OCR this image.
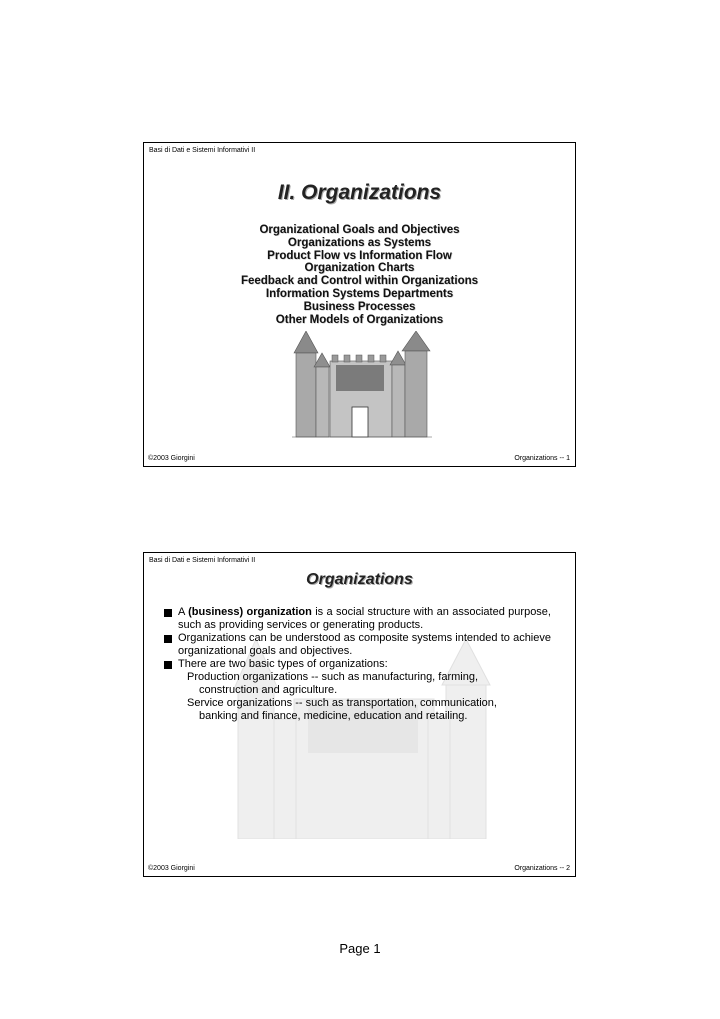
Basi di Dati e Sistemi Informativi II
II. Organizations
Organizational Goals and Objectives
Organizations as Systems
Product Flow vs Information Flow
Organization Charts
Feedback and Control within Organizations
Information Systems Departments
Business Processes
Other Models of Organizations
©2003 Giorgini	Organizations -- 1
Basi di Dati e Sistemi Informativi II
Organizations

A (business) organization is a social structure with an associated purpose, such as providing services or generating products.

Organizations can be understood as composite systems intended to achieve organizational goals and objectives.

There are two basic types of organizations:

Production organizations -- such as manufacturing, farming,
construction and agriculture.

Service organizations -- such as transportation, communication,
banking and finance, medicine, education and retailing.

©2003 Giorgini	Organizations -- 2
Page 1
